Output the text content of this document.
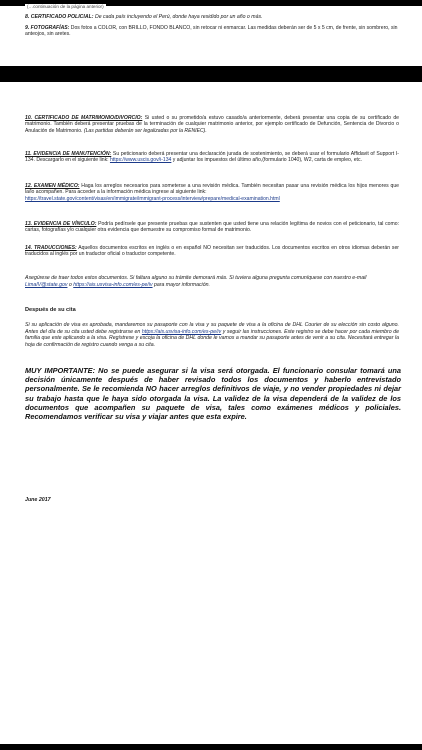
(…continuación de la página anterior)
8. CERTIFICADO POLICIAL: De cada país incluyendo el Perú, donde haya residido por un año o más.
9. FOTOGRAFÍAS: Dos fotos a COLOR, con BRILLO, FONDO BLANCO, sin retocar ni enmarcar. Las medidas deberán ser de 5 x 5 cm, de frente, sin sombrero, sin anteojos, sin aretes.
10. CERTIFICADO DE MATRIMONIO/DIVORCIO: Si usted o su prometido/a estuvo casado/a anteriormente, deberá presentar una copia de su certificado de matrimonio. También deberá presentar pruebas de la terminación de cualquier matrimonio anterior, por ejemplo certificado de Defunción, Sentencia de Divorcio o Anulación de Matrimonio. (Las partidas deberán ser legalizadas por la RENIEC).
11. EVIDENCIA DE MANUTENCIÓN: Su peticionario deberá presentar una declaración jurada de sostenimiento, se deberá usar el formulario Affidavit of Support I-134. Descargarlo en el siguiente link: https://www.uscis.gov/i-134 y adjuntar los impuestos del último año,(formulario 1040), W2, carta de empleo, etc.
12. EXAMEN MÉDICO: Haga los arreglos necesarios para someterse a una revisión médica. También necesitan pasar una revisión médica los hijos menores que la/lo acompañen. Para acceder a la información médica ingrese al siguiente link:
https://travel.state.gov/content/visas/en/immigrate/immigrant-process/interview/prepare/medical-examination.html
13. EVIDENCIA DE VÍNCULO: Podría pedírsele que presente pruebas que sustenten que usted tiene una relación legítima de novios con el peticionario, tal como: cartas, fotografías y/o cualquier otra evidencia que demuestre su compromiso formal de matrimonio.
14. TRADUCCIONES: Aquellos documentos escritos en inglés o en español NO necesitan ser traducidos. Los documentos escritos en otros idiomas deberán ser traducidos al inglés por un traductor oficial o traductor competente.
Asegúrese de traer todos estos documentos. Si faltara alguno su trámite demorará más. Si tuviera alguna pregunta comuníquese con nuestro e-mail LimaIV@state.gov o https://ais.usvisa-info.com/es-pe/iv para mayor información.
Después de su cita
Si su aplicación de visa es aprobada, mandaremos su pasaporte con la visa y su paquete de visa a la oficina de DHL Courier de su elección sin costo alguno. Antes del día de su cita usted debe registrarse en https://ais.usvisa-info.com/es-pe/iv y seguir las instrucciones. Este registro se debe hacer por cada miembro de familia que este aplicando a la visa. Regístrese y escoja la oficina de DHL donde le vamos a mandar su pasaporte antes de venir a su cita. Necesitará entregar la hoja de confirmación de registro cuando venga a su cita.
MUY IMPORTANTE: No se puede asegurar si la visa será otorgada. El funcionario consular tomará una decisión únicamente después de haber revisado todos los documentos y haberlo entrevistado personalmente. Se le recomienda NO hacer arreglos definitivos de viaje, y no vender propiedades ni dejar su trabajo hasta que le haya sido otorgada la visa. La validez de la visa dependerá de la validez de los documentos que acompañen su paquete de visa, tales como exámenes médicos y policiales. Recomendamos verificar su visa y viajar antes que esta expire.
June 2017
